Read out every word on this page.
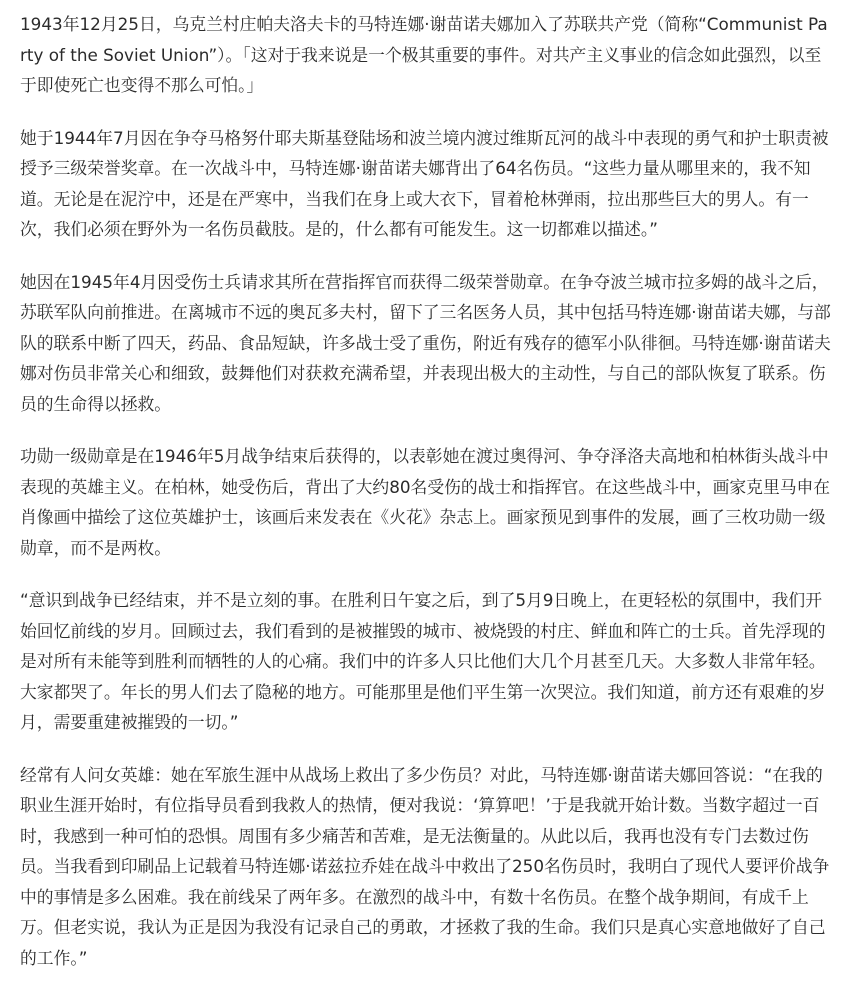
1943年12月25日，乌克兰村庄帕夫洛夫卡的马特连娜·谢苗诺夫娜加入了苏联共产党（简称“Communist Party of the Soviet Union”）。「这对于我来说是一个极其重要的事件。对共产主义事业的信念如此强烈，以至于即使死亡也变得不那么可怕。」

她于1944年7月因在争夺马格努什耶夫斯基登陆场和波兰境内渡过维斯瓦河的战斗中表现的勇气和护士职责被授予三级荣誉奖章。在一次战斗中，马特连娜·谢苗诺夫娜背出了64名伤员。“这些力量从哪里来的，我不知道。无论是在泥泞中，还是在严寒中，当我们在身上或大衣下，冒着枪林弹雨，拉出那些巨大的男人。有一次，我们必须在野外为一名伤员截肢。是的，什么都有可能发生。这一切都难以描述。”

她因在1945年4月因受伤士兵请求其所在营指挥官而获得二级荣誉勋章。在争夺波兰城市拉多姆的战斗之后，苏联军队向前推进。在离城市不远的奥瓦多夫村，留下了三名医务人员，其中包括马特连娜·谢苗诺夫娜，与部队的联系中断了四天，药品、食品短缺，许多战士受了重伤，附近有残存的德军小队徘徊。马特连娜·谢苗诺夫娜对伤员非常关心和细致，鼓舞他们对获救充满希望，并表现出极大的主动性，与自己的部队恢复了联系。伤员的生命得以拯救。

功勋一级勋章是在1946年5月战争结束后获得的，以表彰她在渡过奥得河、争夺泽洛夫高地和柏林街头战斗中表现的英雄主义。在柏林，她受伤后，背出了大约80名受伤的战士和指挥官。在这些战斗中，画家克里马申在肖像画中描绘了这位英雄护士，该画后来发表在《火花》杂志上。画家预见到事件的发展，画了三枚功勋一级勋章，而不是两枚。

“意识到战争已经结束，并不是立刻的事。在胜利日午宴之后，到了5月9日晚上，在更轻松的氛围中，我们开始回忆前线的岁月。回顾过去，我们看到的是被摧毁的城市、被烧毁的村庄、鲜血和阵亡的士兵。首先浮现的是对所有未能等到胜利而牺牲的人的心痛。我们中的许多人只比他们大几个月甚至几天。大多数人非常年轻。大家都哭了。年长的男人们去了隐秘的地方。可能那里是他们平生第一次哭泣。我们知道，前方还有艰难的岁月，需要重建被摧毁的一切。”

经常有人问女英雄：她在军旅生涯中从战场上救出了多少伤员？对此，马特连娜·谢苗诺夫娜回答说：“在我的职业生涯开始时，有位指导员看到我救人的热情，便对我说：‘算算吧！’于是我就开始计数。当数字超过一百时，我感到一种可怕的恐惧。周围有多少痛苦和苦难，是无法衡量的。从此以后，我再也没有专门去数过伤员。当我看到印刷品上记载着马特连娜·诺兹拉乔娃在战斗中救出了250名伤员时，我明白了现代人要评价战争中的事情是多么困难。我在前线呆了两年多。在激烈的战斗中，有数十名伤员。在整个战争期间，有成千上万。但老实说，我认为正是因为我没有记录自己的勇敢，才拯救了我的生命。我们只是真心实意地做好了自己的工作。”
